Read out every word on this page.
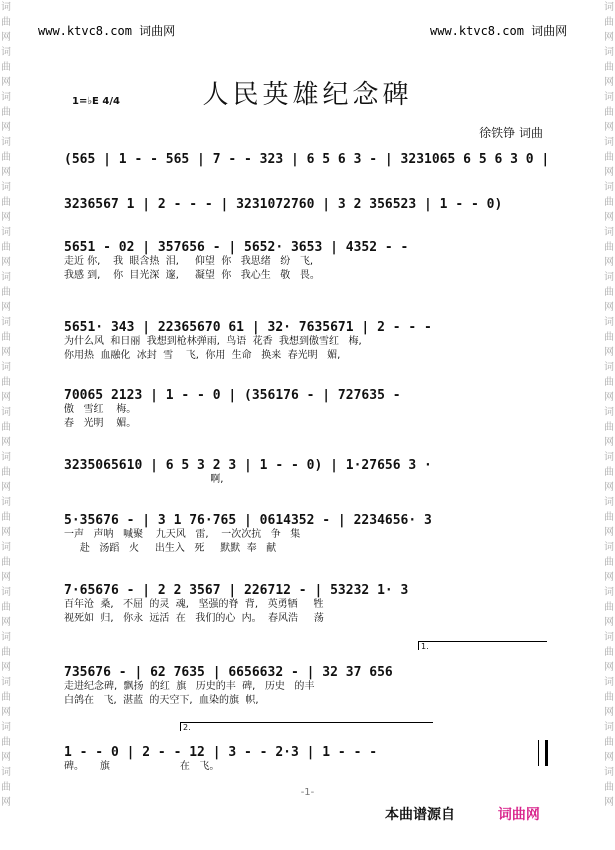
词曲网词曲网词曲网词曲网词曲网词曲网词曲网词曲网词曲网词曲网词曲网词曲网词曲网词曲网词曲网词曲网词曲网词曲网
词曲网词曲网词曲网词曲网词曲网词曲网词曲网词曲网词曲网词曲网词曲网词曲网词曲网词曲网词曲网词曲网词曲网词曲网
www.ktvc8.com 词曲网	www.ktvc8.com 词曲网
人民英雄纪念碑
1=♭E 4/4
徐铁铮 词曲
(565 | 1 - - 565 | 7 - - 323 | 6 5 6 3 - | 3231065 6 5 6 3 0 |
3236567 1 | 2 - - - | 3231072760 | 3 2 356523 | 1 - - 0)
5651 - 02 | 357656 - | 5652· 3653 | 4352 - -
走近 你,    我  眼含热  泪,     仰望  你   我思绪   纷   飞,
我感 到,    你  目光深  邃,     凝望  你   我心生   敬   畏。
5651· 343 | 22365670 61 | 32· 7635671 | 2 - - -
为什么风  和日丽  我想到枪林弹雨,  鸟语  花香  我想到傲雪红   梅,
你用热  血融化  冰封  雪    飞,  你用  生命   换来  春光明   媚,
70065 2123 | 1 - - 0 | (356176 - | 727635 -
傲   雪红    梅。
春   光明    媚。
3235065610 | 6 5 3 2 3 | 1 - - 0) | 1·27656 3 ·
啊,
5·35676 - | 3 1 76·765 | 0614352 - | 2234656· 3
一声   声呐   喊聚    九天风   雷,    一次次抗   争   集
赴   汤蹈   火     出生入   死     默默  奉   献
7·65676 - | 2 2 3567 | 226712 - | 53232 1· 3
百年沧  桑,   不屈  的灵  魂,   坚强的脊  背,   英勇牺     牲
视死如  归,   你永  远活  在   我们的心  内。  春风浩     荡
1.
735676 - | 62 7635 | 6656632 - | 32 37 656
走进纪念碑,  飘扬  的红  旗   历史的丰  碑,   历史   的丰
白鸽在   飞,  湛蓝  的天空下,  血染的旗  帜,
2.
1 - - 0 | 2 - - 12 | 3 - - 2·3 | 1 - - -
碑。     旗                      在   飞。
-1-
本曲谱源自	词曲网
